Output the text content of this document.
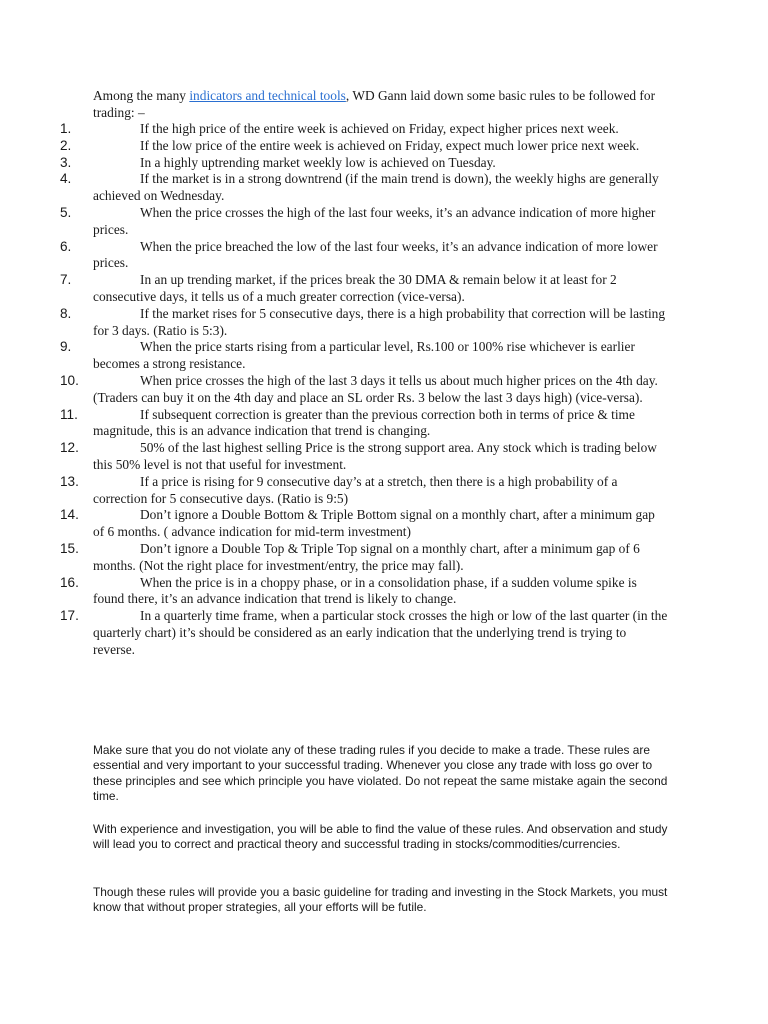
Among the many indicators and technical tools, WD Gann laid down some basic rules to be followed for trading: –

1.	If the high price of the entire week is achieved on Friday, expect higher prices next week.
2.	If the low price of the entire week is achieved on Friday, expect much lower price next week.
3.	In a highly uptrending market weekly low is achieved on Tuesday.
4.	If the market is in a strong downtrend (if the main trend is down), the weekly highs are generally achieved on Wednesday.
5.	When the price crosses the high of the last four weeks, it’s an advance indication of more higher prices.
6.	When the price breached the low of the last four weeks, it’s an advance indication of more lower prices.
7.	In an up trending market, if the prices break the 30 DMA & remain below it at least for 2 consecutive days, it tells us of a much greater correction (vice-versa).
8.	If the market rises for 5 consecutive days, there is a high probability that correction will be lasting for 3 days. (Ratio is 5:3).
9.	When the price starts rising from a particular level, Rs.100 or 100% rise whichever is earlier becomes a strong resistance.
10.	When price crosses the high of the last 3 days it tells us about much higher prices on the 4th day. (Traders can buy it on the 4th day and place an SL order Rs. 3 below the last 3 days high) (vice-versa).
11.	If subsequent correction is greater than the previous correction both in terms of price & time magnitude, this is an advance indication that trend is changing.
12.	50% of the last highest selling Price is the strong support area. Any stock which is trading below this 50% level is not that useful for investment.
13.	If a price is rising for 9 consecutive day’s at a stretch, then there is a high probability of a correction for 5 consecutive days. (Ratio is 9:5)
14.	Don’t ignore a Double Bottom & Triple Bottom signal on a monthly chart, after a minimum gap of 6 months. ( advance indication for mid-term investment)
15.	Don’t ignore a Double Top & Triple Top signal on a monthly chart, after a minimum gap of 6 months. (Not the right place for investment/entry, the price may fall).
16.	When the price is in a choppy phase, or in a consolidation phase, if a sudden volume spike is found there, it’s an advance indication that trend is likely to change.
17.	In a quarterly time frame, when a particular stock crosses the high or low of the last quarter (in the quarterly chart) it’s should be considered as an early indication that the underlying trend is trying to reverse.

Make sure that you do not violate any of these trading rules if you decide to make a trade. These rules are essential and very important to your successful trading. Whenever you close any trade with loss go over to these principles and see which principle you have violated. Do not repeat the same mistake again the second time.

With experience and investigation, you will be able to find the value of these rules. And observation and study will lead you to correct and practical theory and successful trading in stocks/commodities/currencies.

Though these rules will provide you a basic guideline for trading and investing in the Stock Markets, you must know that without proper strategies, all your efforts will be futile.
